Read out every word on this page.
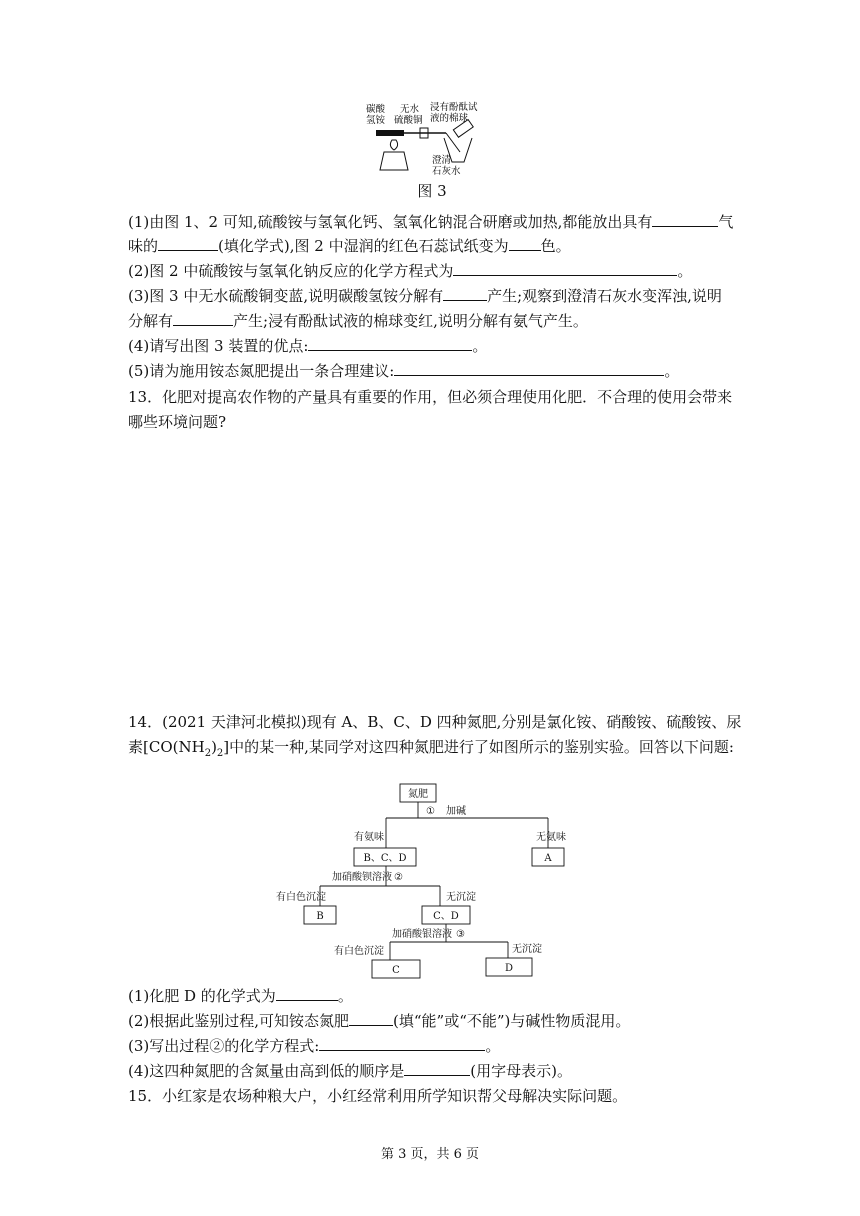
碳酸
氢铵
无水
硫酸铜
浸有酚酞试
液的棉球
澄清
石灰水
图 3
(1)由图 1、2 可知,硫酸铵与氢氧化钙、氢氧化钠混合研磨或加热,都能放出具有	气
味的	(填化学式),图 2 中湿润的红色石蕊试纸变为 色。
(2)图 2 中硫酸铵与氢氧化钠反应的化学方程式为	。
(3)图 3 中无水硫酸铜变蓝,说明碳酸氢铵分解有	产生;观察到澄清石灰水变浑浊,说明
分解有	产生;浸有酚酞试液的棉球变红,说明分解有氨气产生。
(4)请写出图 3 装置的优点:	。
(5)请为施用铵态氮肥提出一条合理建议:	。
13．化肥对提高农作物的产量具有重要的作用，但必须合理使用化肥．不合理的使用会带来
哪些环境问题?
14．(2021 天津河北模拟)现有 A、B、C、D 四种氮肥,分别是氯化铵、硝酸铵、硫酸铵、尿
素$[CO(NH_2)_2]$中的某一种,某同学对这四种氮肥进行了如图所示的鉴别实验。回答以下问题:
氮肥
① 加碱
有氨味	无氨味
B、C、D	A
加硝酸钡溶液 ②
有白色沉淀	无沉淀
B	C、D
加硝酸银溶液 ③
有白色沉淀	无沉淀
C	D
(1)化肥 D 的化学式为	。
(2)根据此鉴别过程,可知铵态氮肥	(填“能”或“不能”)与碱性物质混用。
(3)写出过程②的化学方程式:	。
(4)这四种氮肥的含氮量由高到低的顺序是	(用字母表示)。
15．小红家是农场种粮大户，小红经常利用所学知识帮父母解决实际问题。
第 3 页，共 6 页
